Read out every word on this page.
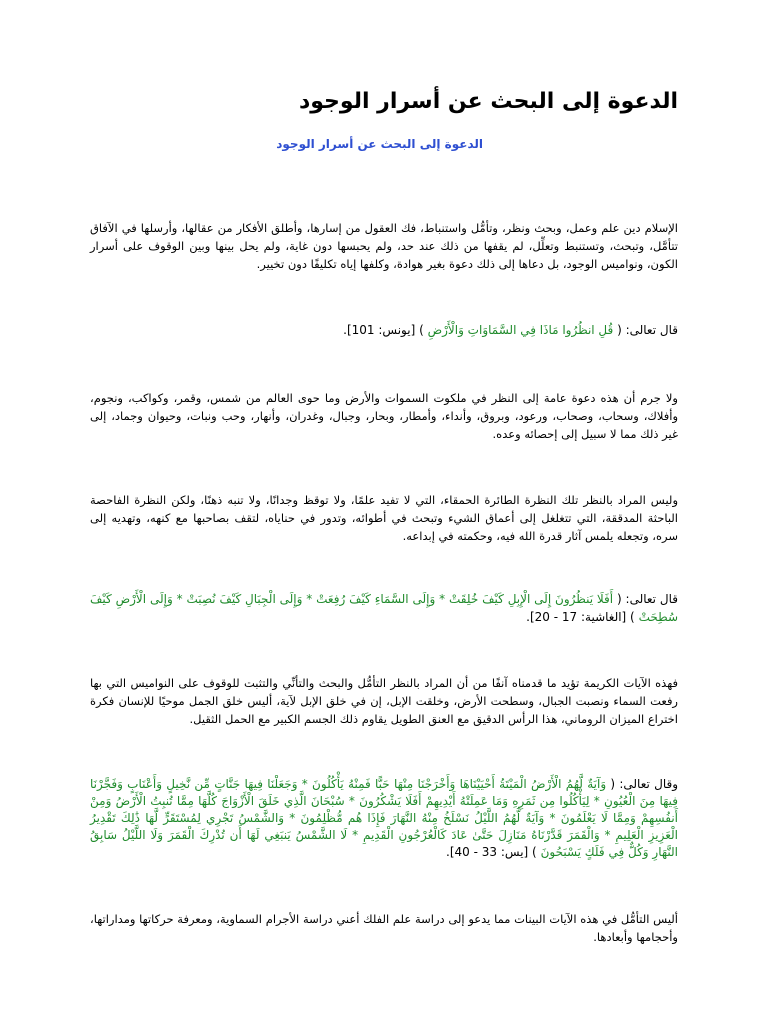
الدعوة إلى البحث عن أسرار الوجود
الدعوة إلى البحث عن أسرار الوجود

الإسلام دين علم وعمل، وبحث ونظر، وتأمُّل واستنباط، فك العقول من إسارها، وأطلق الأفكار من عقالها، وأرسلها في الآفاق تتأمَّل، وتبحث، وتستنبط وتعلِّل، لم يقفها من ذلك عند حد، ولم يحبسها دون غاية، ولم يحل بينها وبين الوقوف على أسرار الكون، ونواميس الوجود، بل دعاها إلى ذلك دعوة بغير هوادة، وكلفها إياه تكليفًا دون تخيير.

قال تعالى: ( قُلِ انظُرُوا مَاذَا فِي السَّمَاوَاتِ وَالْأَرْضِ ) [يونس: 101].

ولا جرم أن هذه دعوة عامة إلى النظر في ملكوت السموات والأرض وما حوى العالم من شمس، وقمر، وكواكب، ونجوم، وأفلاك، وسحاب، وصحاب، ورعود، وبروق، وأنداء، وأمطار، وبحار، وجبال، وغدران، وأنهار، وحب ونبات، وحيوان وجماد، إلى غير ذلك مما لا سبيل إلى إحصائه وعده.

وليس المراد بالنظر تلك النظرة الطائرة الحمقاء، التي لا تفيد علمًا، ولا توقظ وجدانًا، ولا تنبه ذهنًا، ولكن النظرة الفاحصة الباحثة المدققة، التي تتغلغل إلى أعماق الشيء وتبحث في أطوائه، وتدور في حناياه، لتقف بصاحبها مع كنهه، وتهديه إلى سره، وتجعله يلمس آثار قدرة الله فيه، وحكمته في إبداعه.

قال تعالى: ( أَفَلَا يَنظُرُونَ إِلَى الْإِبِلِ كَيْفَ خُلِقَتْ * وَإِلَى السَّمَاءِ كَيْفَ رُفِعَتْ * وَإِلَى الْجِبَالِ كَيْفَ نُصِبَتْ * وَإِلَى الْأَرْضِ كَيْفَ سُطِحَتْ ) [الغاشية: 17 - 20].

فهذه الآيات الكريمة تؤيد ما قدمناه آنفًا من أن المراد بالنظر التأمُّل والبحث والتأنِّي والتثبت للوقوف على النواميس التي بها رفعت السماء ونصبت الجبال، وسطحت الأرض، وخلقت الإبل، إن في خلق الإبل لآية، أليس خلق الجمل موحيًا للإنسان فكرة اختراع الميزان الروماني، هذا الرأس الدقيق مع العنق الطويل يقاوم ذلك الجسم الكبير مع الحمل الثقيل.

وقال تعالى: ( وَآيَةٌ لَّهُمُ الْأَرْضُ الْمَيْتَةُ أَحْيَيْنَاهَا وَأَخْرَجْنَا مِنْهَا حَبًّا فَمِنْهُ يَأْكُلُونَ * وَجَعَلْنَا فِيهَا جَنَّاتٍ مِّن نَّخِيلٍ وَأَعْنَابٍ وَفَجَّرْنَا فِيهَا مِنَ الْعُيُونِ * لِيَأْكُلُوا مِن ثَمَرِهِ وَمَا عَمِلَتْهُ أَيْدِيهِمْ أَفَلَا يَشْكُرُونَ * سُبْحَانَ الَّذِي خَلَقَ الْأَزْوَاجَ كُلَّهَا مِمَّا تُنبِتُ الْأَرْضُ وَمِنْ أَنفُسِهِمْ وَمِمَّا لَا يَعْلَمُونَ * وَآيَةٌ لَّهُمُ اللَّيْلُ نَسْلَخُ مِنْهُ النَّهَارَ فَإِذَا هُم مُّظْلِمُونَ * وَالشَّمْسُ تَجْرِي لِمُسْتَقَرٍّ لَّهَا ذَٰلِكَ تَقْدِيرُ الْعَزِيزِ الْعَلِيمِ * وَالْقَمَرَ قَدَّرْنَاهُ مَنَازِلَ حَتَّىٰ عَادَ كَالْعُرْجُونِ الْقَدِيمِ * لَا الشَّمْسُ يَنبَغِي لَهَا أَن تُدْرِكَ الْقَمَرَ وَلَا اللَّيْلُ سَابِقُ النَّهَارِ وَكُلٌّ فِي فَلَكٍ يَسْبَحُونَ ) [يس: 33 - 40].

أليس التأمُّل في هذه الآيات البينات مما يدعو إلى دراسة علم الفلك أعني دراسة الأجرام السماوية، ومعرفة حركاتها ومداراتها، وأحجامها وأبعادها.
